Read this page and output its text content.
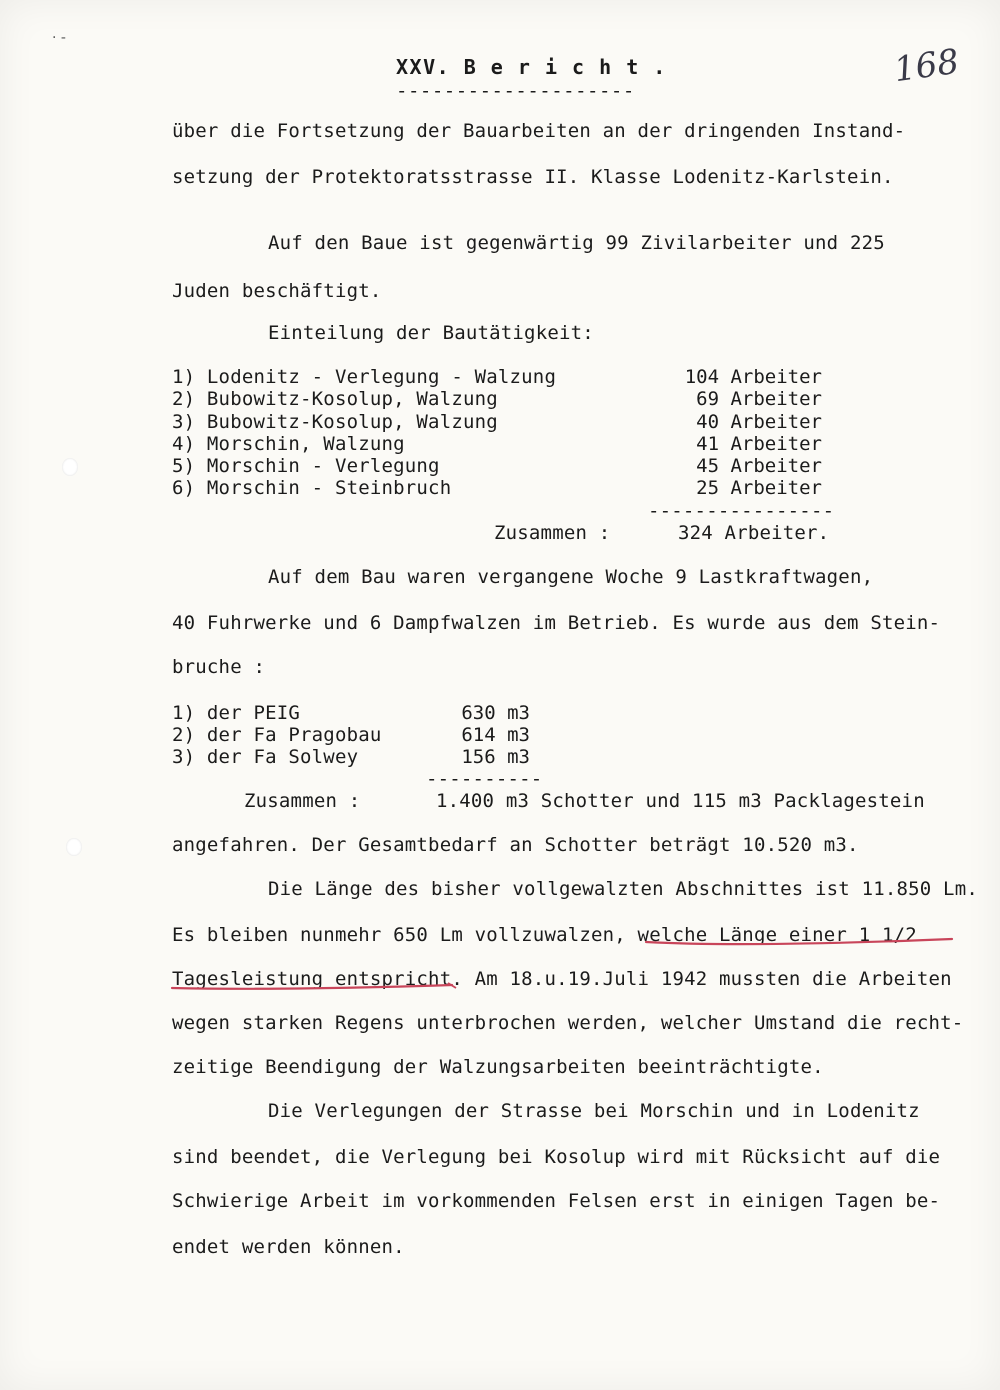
· -
XXV. B e r i c h t .
--------------------
168
über die Fortsetzung der Bauarbeiten an der dringenden Instand-
setzung der Protektoratsstrasse II. Klasse Lodenitz-Karlstein.
Auf den Baue ist gegenwärtig 99 Zivilarbeiter und 225
Juden beschäftigt.
Einteilung der Bautätigkeit:
1) Lodenitz - Verlegung - Walzung	104 Arbeiter
2) Bubowitz-Kosolup, Walzung	69 Arbeiter
3) Bubowitz-Kosolup, Walzung	40 Arbeiter
4) Morschin, Walzung	41 Arbeiter
5) Morschin - Verlegung	45 Arbeiter
6) Morschin - Steinbruch	25 Arbeiter
----------------
Zusammen :	324 Arbeiter.
Auf dem Bau waren vergangene Woche 9 Lastkraftwagen,
40 Fuhrwerke und 6 Dampfwalzen im Betrieb. Es wurde aus dem Stein-
bruche :
1) der PEIG	630 m3
2) der Fa Pragobau	614 m3
3) der Fa Solwey	156 m3
----------
Zusammen :	1.400 m3 Schotter und 115 m3 Packlagestein
angefahren. Der Gesamtbedarf an Schotter beträgt 10.520 m3.
Die Länge des bisher vollgewalzten Abschnittes ist 11.850 Lm.
Es bleiben nunmehr 650 Lm vollzuwalzen, welche Länge einer 1 1/2
Tagesleistung entspricht. Am 18.u.19.Juli 1942 mussten die Arbeiten
wegen starken Regens unterbrochen werden, welcher Umstand die recht-
zeitige Beendigung der Walzungsarbeiten beeinträchtigte.
Die Verlegungen der Strasse bei Morschin und in Lodenitz
sind beendet, die Verlegung bei Kosolup wird mit Rücksicht auf die
Schwierige Arbeit im vorkommenden Felsen erst in einigen Tagen be-
endet werden können.
